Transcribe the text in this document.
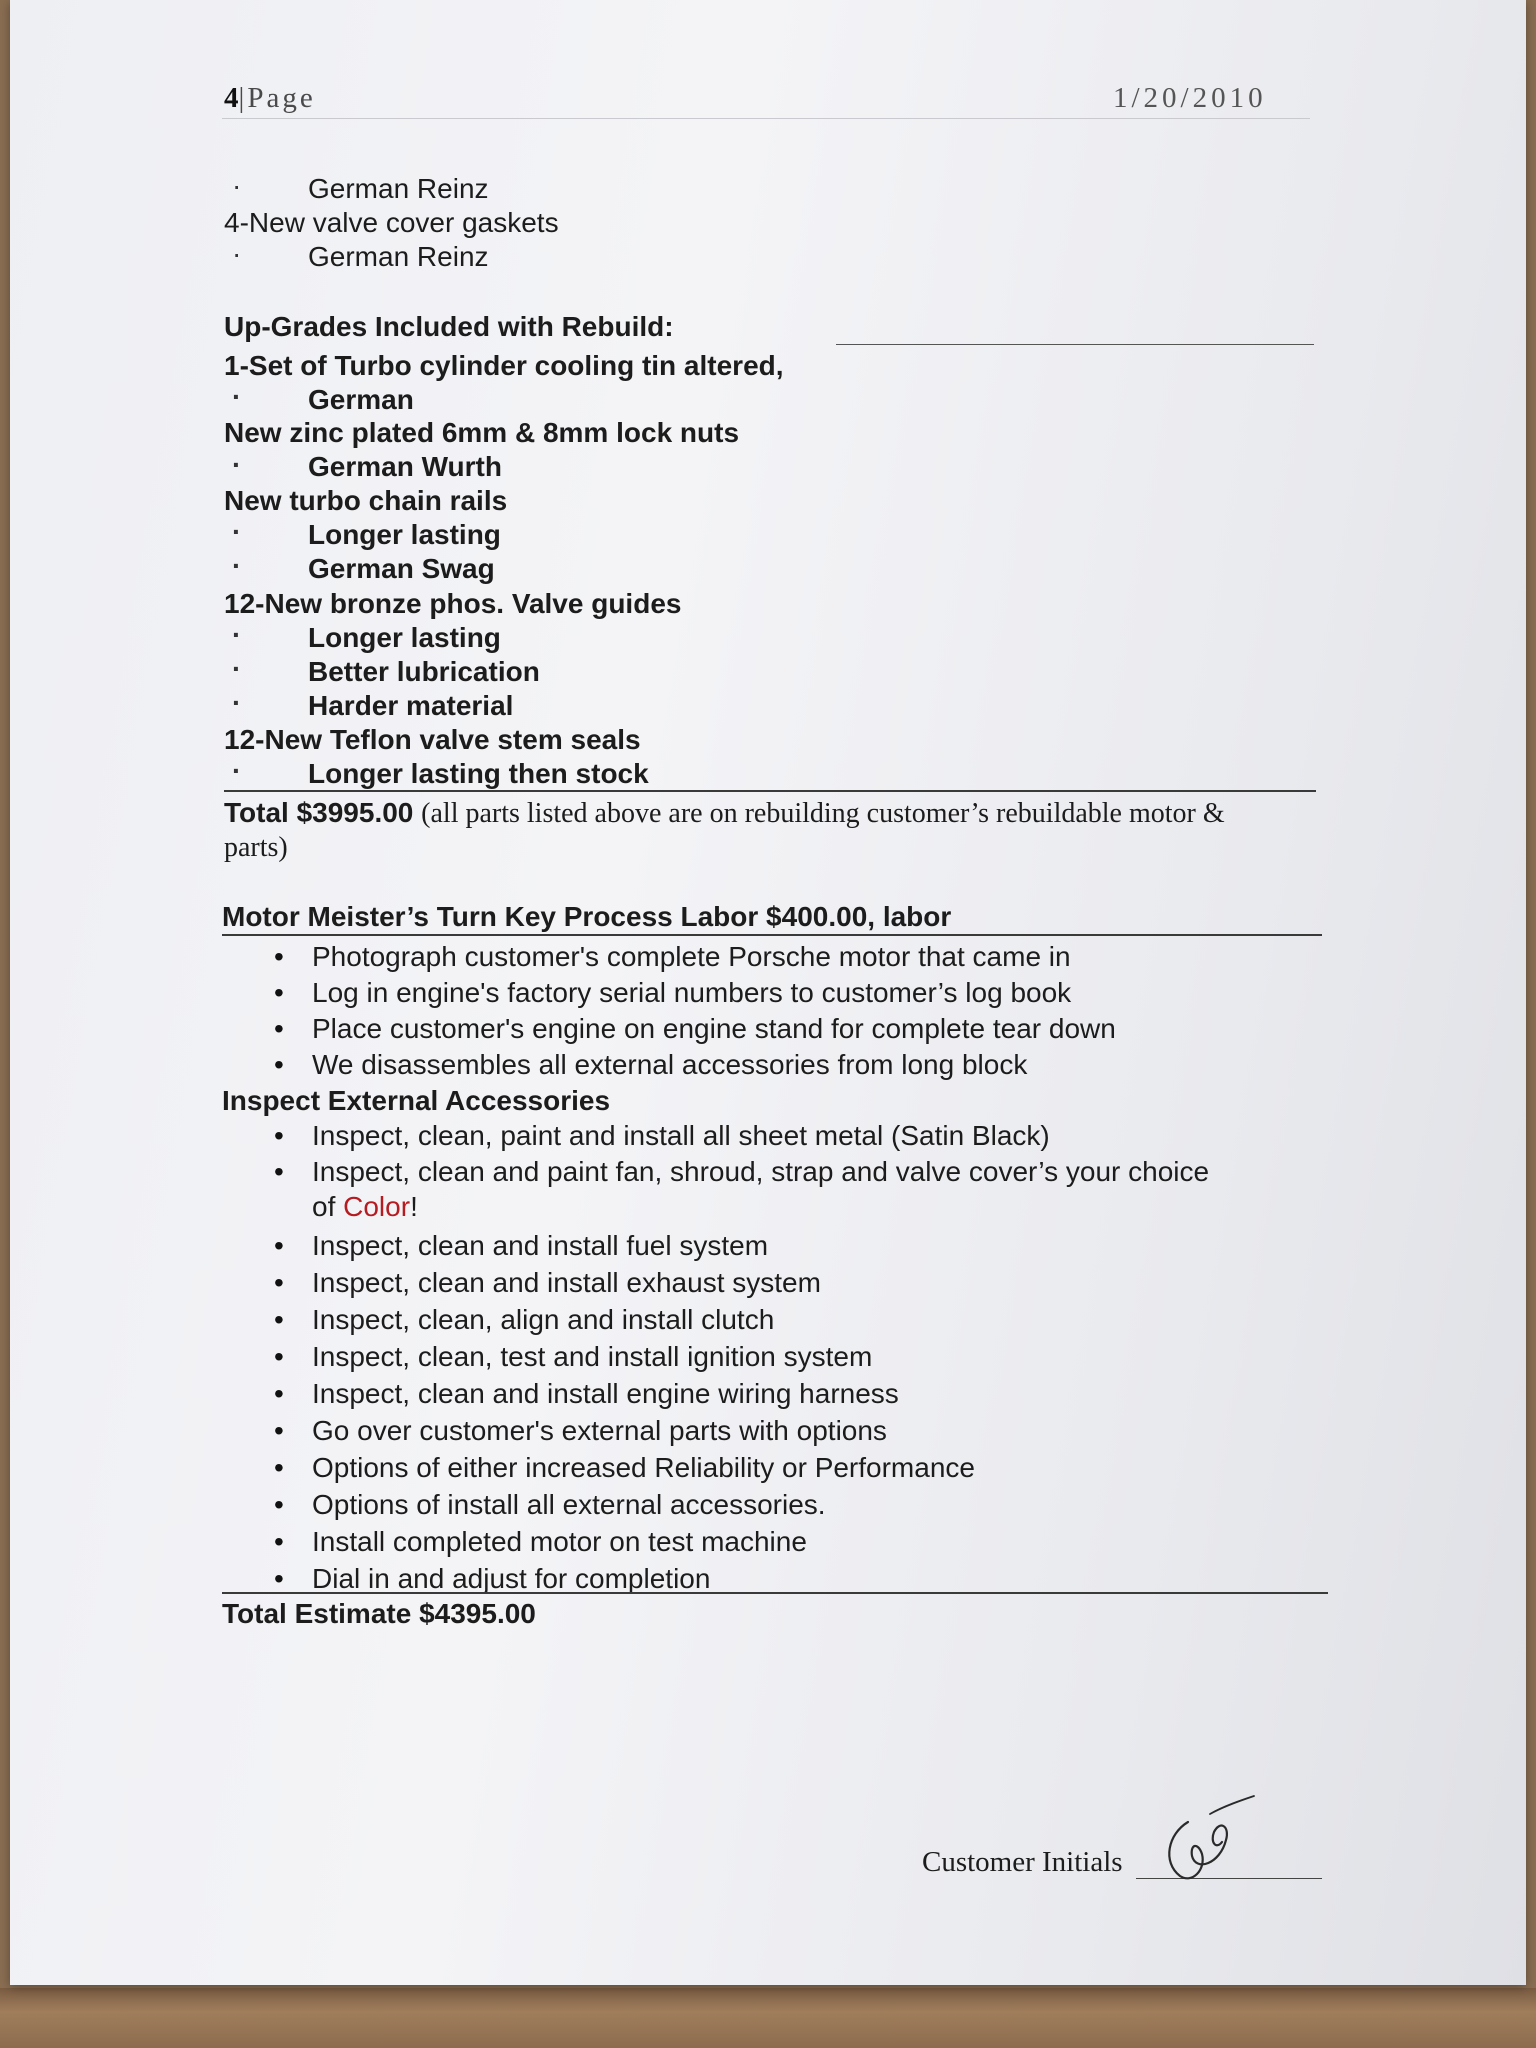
4|Page	1/20/2010
· German Reinz
4-New valve cover gaskets
· German Reinz
Up-Grades Included with Rebuild:
1-Set of Turbo cylinder cooling tin altered,
· German
New zinc plated 6mm & 8mm lock nuts
· German Wurth
New turbo chain rails
· Longer lasting
· German Swag
12-New bronze phos. Valve guides
· Longer lasting
· Better lubrication
· Harder material
12-New Teflon valve stem seals
· Longer lasting then stock
Total $3995.00 (all parts listed above are on rebuilding customer’s rebuildable motor &
parts)
Motor Meister’s Turn Key Process Labor $400.00, labor
• Photograph customer's complete Porsche motor that came in
• Log in engine's factory serial numbers to customer’s log book
• Place customer's engine on engine stand for complete tear down
• We disassembles all external accessories from long block
Inspect External Accessories
• Inspect, clean, paint and install all sheet metal (Satin Black)
• Inspect, clean and paint fan, shroud, strap and valve cover’s your choice
of Color!
• Inspect, clean and install fuel system
• Inspect, clean and install exhaust system
• Inspect, clean, align and install clutch
• Inspect, clean, test and install ignition system
• Inspect, clean and install engine wiring harness
• Go over customer's external parts with options
• Options of either increased Reliability or Performance
• Options of install all external accessories.
• Install completed motor on test machine
• Dial in and adjust for completion
Total Estimate $4395.00
Customer Initials
